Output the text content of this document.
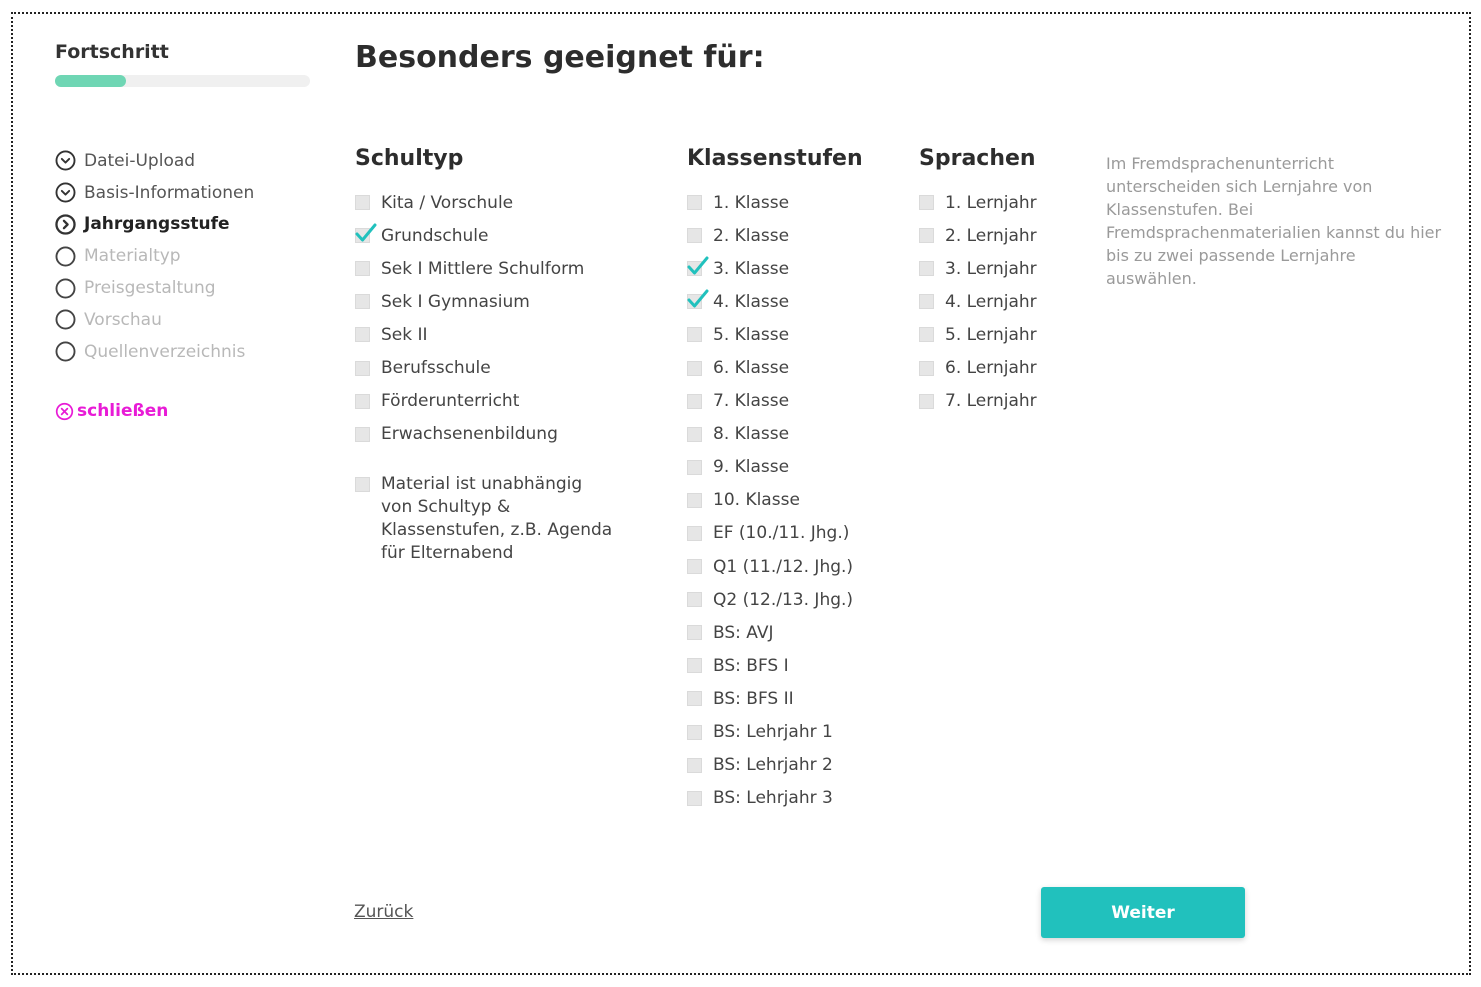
Fortschritt
Datei-Upload
Basis-Informationen
Jahrgangsstufe
Materialtyp
Preisgestaltung
Vorschau
Quellenverzeichnis
schließen
Besonders geeignet für:
Schultyp
Kita / Vorschule
Grundschule
Sek I Mittlere Schulform
Sek I Gymnasium
Sek II
Berufsschule
Förderunterricht
Erwachsenenbildung
Material ist unabhängig
von Schultyp &
Klassenstufen, z.B. Agenda
für Elternabend
Klassenstufen
1. Klasse
2. Klasse
3. Klasse
4. Klasse
5. Klasse
6. Klasse
7. Klasse
8. Klasse
9. Klasse
10. Klasse
EF (10./11. Jhg.)
Q1 (11./12. Jhg.)
Q2 (12./13. Jhg.)
BS: AVJ
BS: BFS I
BS: BFS II
BS: Lehrjahr 1
BS: Lehrjahr 2
BS: Lehrjahr 3
Sprachen
1. Lernjahr
2. Lernjahr
3. Lernjahr
4. Lernjahr
5. Lernjahr
6. Lernjahr
7. Lernjahr
Im Fremdsprachenunterricht unterscheiden sich Lernjahre von Klassenstufen. Bei Fremdsprachenmaterialien kannst du hier bis zu zwei passende Lernjahre auswählen.
Zurück	Weiter
